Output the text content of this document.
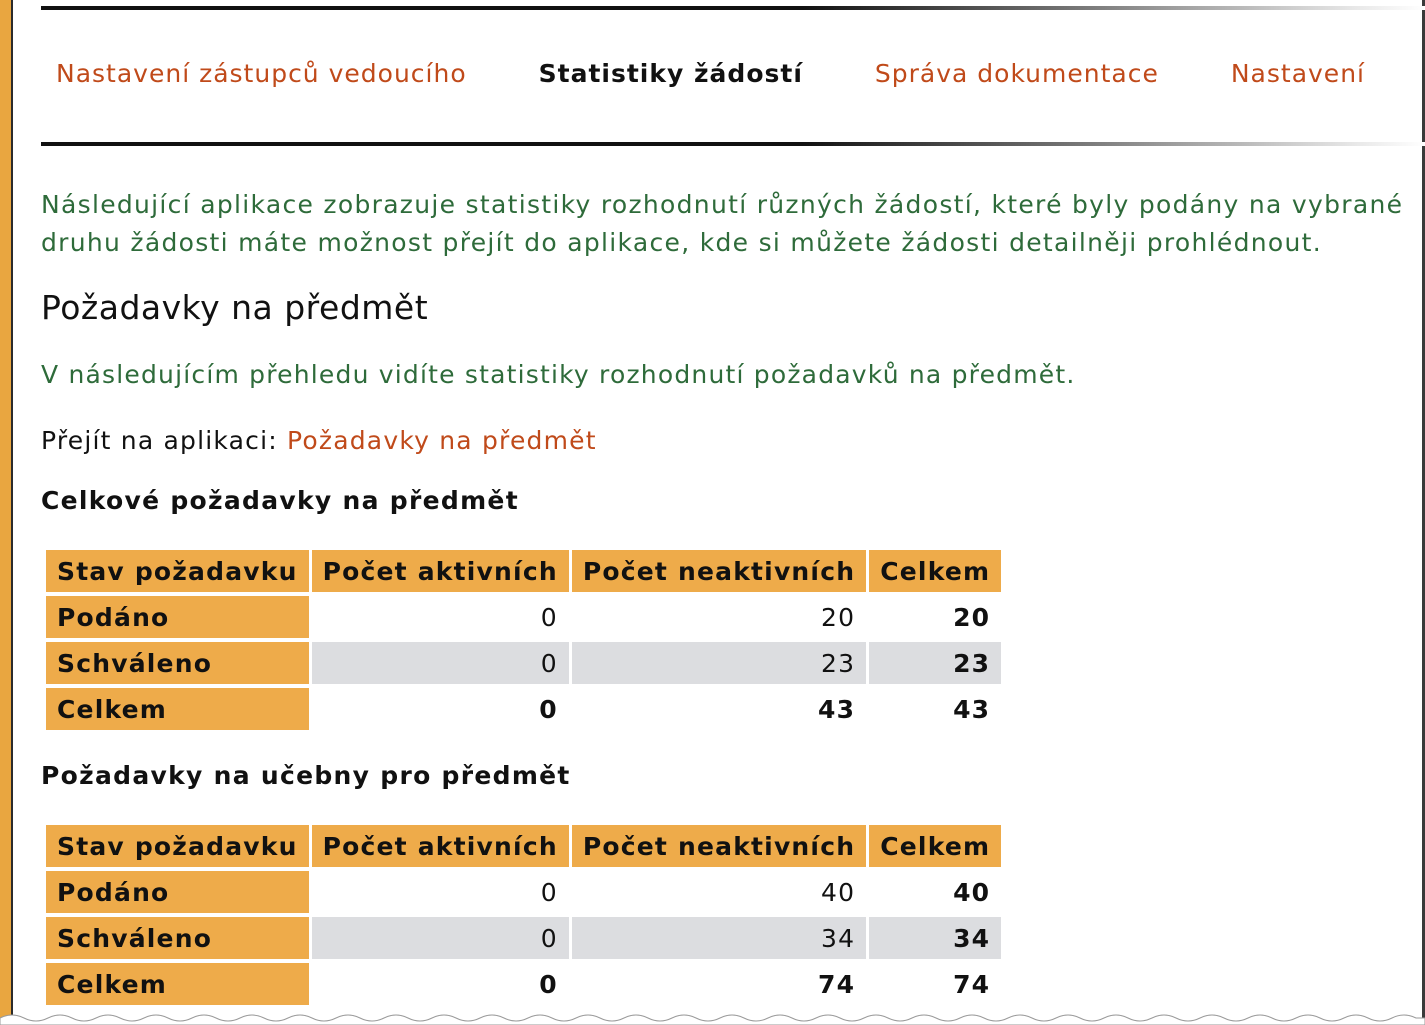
Nastavení zástupců vedoucího	Statistiky žádostí	Správa dokumentace	Nastavení
Následující aplikace zobrazuje statistiky rozhodnutí různých žádostí, které byly podány na vybrané
druhu žádosti máte možnost přejít do aplikace, kde si můžete žádosti detailněji prohlédnout.
Požadavky na předmět
V následujícím přehledu vidíte statistiky rozhodnutí požadavků na předmět.
Přejít na aplikaci: Požadavky na předmět
Celkové požadavky na předmět
Stav požadavku	Počet aktivních	Počet neaktivních	Celkem
Podáno	0	20	20
Schváleno	0	23	23
Celkem	0	43	43
Požadavky na učebny pro předmět
Stav požadavku	Počet aktivních	Počet neaktivních	Celkem
Podáno	0	40	40
Schváleno	0	34	34
Celkem	0	74	74
